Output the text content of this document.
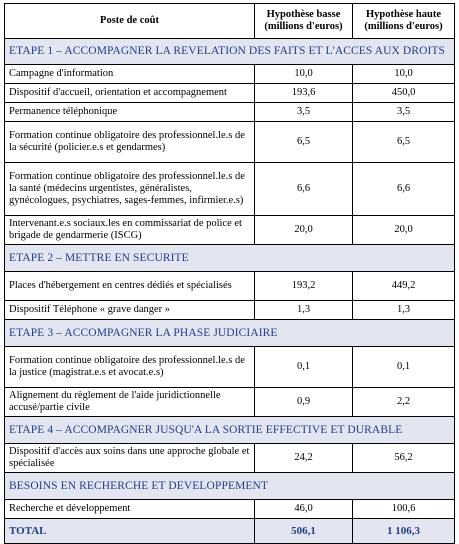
Poste de coût	Hypothèse basse (millions d'euros)	Hypothèse haute (millions d'euros)
ETAPE 1 – ACCOMPAGNER LA REVELATION DES FAITS ET L'ACCES AUX DROITS		
Campagne d'information	10,0	10,0
Dispositif d'accueil, orientation et accompagnement	193,6	450,0
Permanence téléphonique	3,5	3,5
Formation continue obligatoire des professionnel.le.s de la sécurité (policier.e.s et gendarmes)	6,5	6,5
Formation continue obligatoire des professionnel.le.s de la santé (médecins urgentistes, généralistes, gynécologues, psychiatres, sages-femmes, infirmier.e.s)	6,6	6,6
Intervenant.e.s sociaux.les en commissariat de police et brigade de gendarmerie (ISCG)	20,0	20,0
ETAPE 2 – METTRE EN SECURITE		
Places d'hébergement en centres dédiés et spécialisés	193,2	449,2
Dispositif Téléphone « grave danger »	1,3	1,3
ETAPE 3 – ACCOMPAGNER LA PHASE JUDICIAIRE		
Formation continue obligatoire des professionnel.le.s de la justice (magistrat.e.s et avocat.e.s)	0,1	0,1
Alignement du règlement de l'aide juridictionnelle accusé/partie civile	0,9	2,2
ETAPE 4 – ACCOMPAGNER JUSQU'A LA SORTIE EFFECTIVE ET DURABLE		
Dispositif d'accès aux soins dans une approche globale et spécialisée	24,2	56,2
BESOINS EN RECHERCHE ET DEVELOPPEMENT		
Recherche et développement	46,0	100,6
TOTAL	506,1	1 106,3
